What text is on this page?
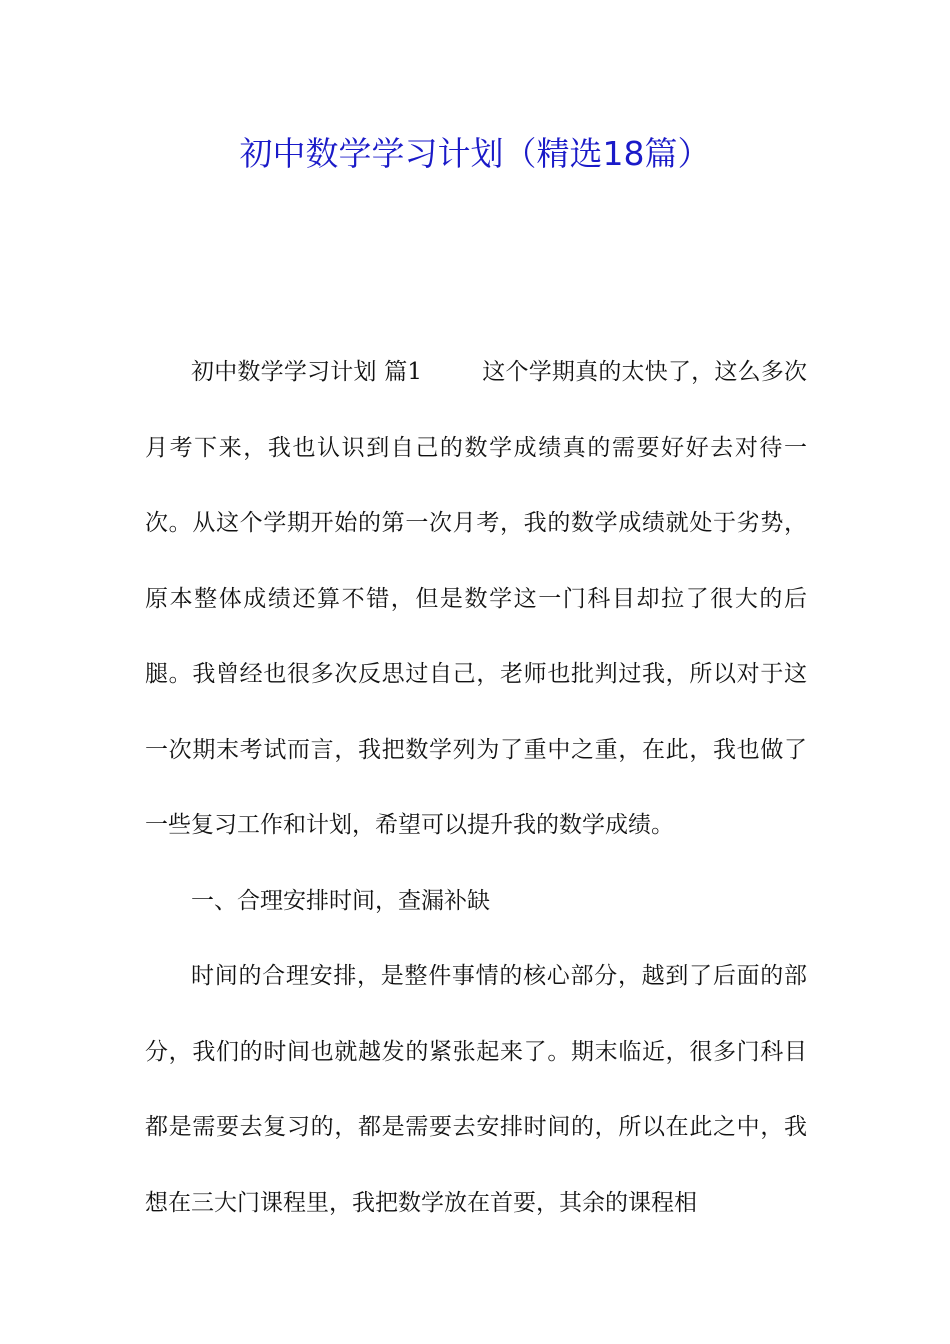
初中数学学习计划（精选18篇）

初中数学学习计划 篇1	这个学期真的太快了，这么多次月考下来，我也认识到自己的数学成绩真的需要好好去对待一次。从这个学期开始的第一次月考，我的数学成绩就处于劣势，原本整体成绩还算不错，但是数学这一门科目却拉了很大的后腿。我曾经也很多次反思过自己，老师也批判过我，所以对于这一次期末考试而言，我把数学列为了重中之重，在此，我也做了一些复习工作和计划，希望可以提升我的数学成绩。

一、合理安排时间，查漏补缺

时间的合理安排，是整件事情的核心部分，越到了后面的部分，我们的时间也就越发的紧张起来了。期末临近，很多门科目都是需要去复习的，都是需要去安排时间的，所以在此之中，我想在三大门课程里，我把数学放在首要，其余的课程相
